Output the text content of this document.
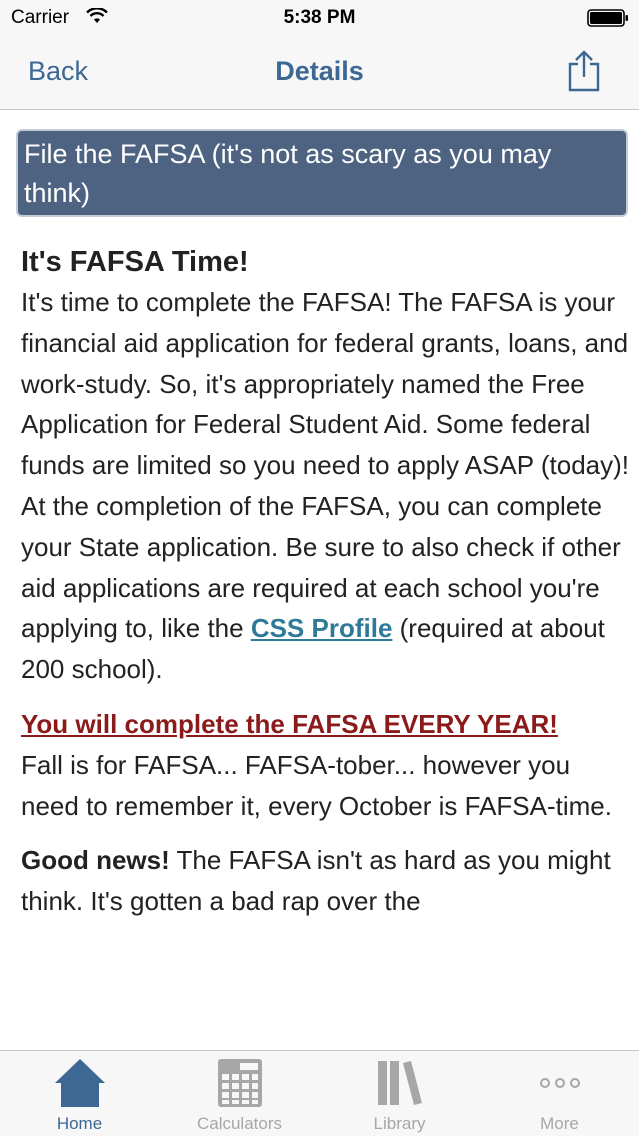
Carrier	5:38 PM
Back	Details
File the FAFSA (it's not as scary as you may think)
It's FAFSA Time!

It's time to complete the FAFSA! The FAFSA is your financial aid application for federal grants, loans, and work-study. So, it's appropriately named the Free Application for Federal Student Aid. Some federal funds are limited so you need to apply ASAP (today)! At the completion of the FAFSA, you can complete your State application. Be sure to also check if other aid applications are required at each school you're applying to, like the CSS Profile (required at about 200 school).

You will complete the FAFSA EVERY YEAR!
Fall is for FAFSA... FAFSA-tober... however you need to remember it, every October is FAFSA-time.

Good news! The FAFSA isn't as hard as you might think. It's gotten a bad rap over the

Home	Calculators	Library	More
